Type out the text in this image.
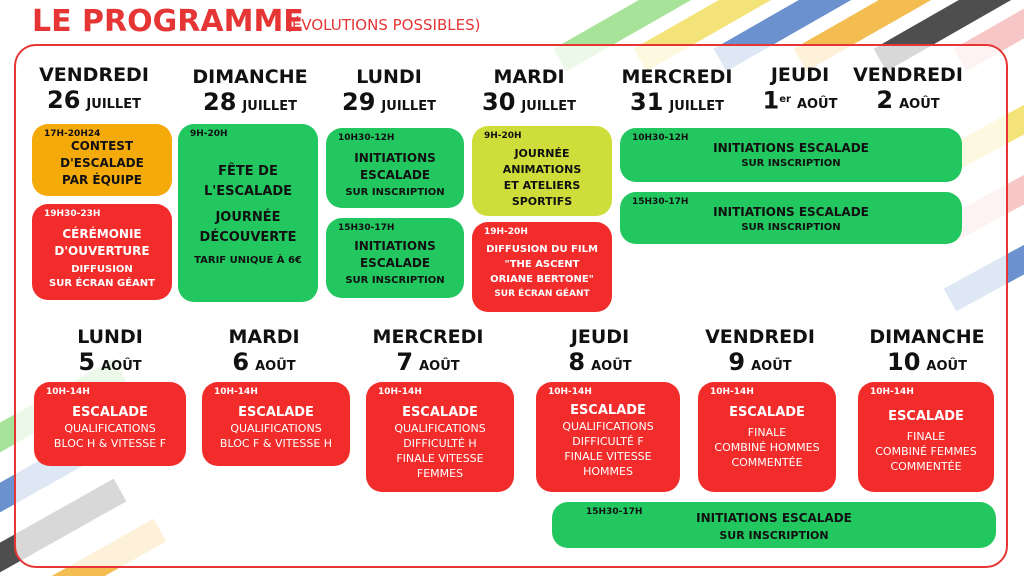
LE PROGRAMME
(ÉVOLUTIONS POSSIBLES)
VENDREDI
26 JUILLET
DIMANCHE
28 JUILLET
LUNDI
29 JUILLET
MARDI
30 JUILLET
MERCREDI
31 JUILLET
JEUDI
1er AOÛT
VENDREDI
2 AOÛT
17H-20H24
CONTEST
D'ESCALADE
PAR ÉQUIPE
19H30-23H
CÉRÉMONIE
D'OUVERTURE
DIFFUSION
SUR ÉCRAN GÉANT
9H-20H
FÊTE DE
L'ESCALADE
JOURNÉE
DÉCOUVERTE
TARIF UNIQUE À 6€
10H30-12H
INITIATIONS
ESCALADE
SUR INSCRIPTION
15H30-17H
INITIATIONS
ESCALADE
SUR INSCRIPTION
9H-20H
JOURNÉE
ANIMATIONS
ET ATELIERS
SPORTIFS
19H-20H
DIFFUSION DU FILM
"THE ASCENT
ORIANE BERTONE"
SUR ÉCRAN GÉANT
10H30-12H
INITIATIONS ESCALADE
SUR INSCRIPTION
15H30-17H
INITIATIONS ESCALADE
SUR INSCRIPTION
LUNDI
5 AOÛT
MARDI
6 AOÛT
MERCREDI
7 AOÛT
JEUDI
8 AOÛT
VENDREDI
9 AOÛT
DIMANCHE
10 AOÛT
10H-14H
ESCALADE
QUALIFICATIONS
BLOC H & VITESSE F
10H-14H
ESCALADE
QUALIFICATIONS
BLOC F & VITESSE H
10H-14H
ESCALADE
QUALIFICATIONS
DIFFICULTÉ H
FINALE VITESSE
FEMMES
10H-14H
ESCALADE
QUALIFICATIONS
DIFFICULTÉ F
FINALE VITESSE
HOMMES
10H-14H
ESCALADE
FINALE
COMBINÉ HOMMES
COMMENTÉE
10H-14H
ESCALADE
FINALE
COMBINÉ FEMMES
COMMENTÉE
15H30-17H	INITIATIONS ESCALADE
SUR INSCRIPTION
